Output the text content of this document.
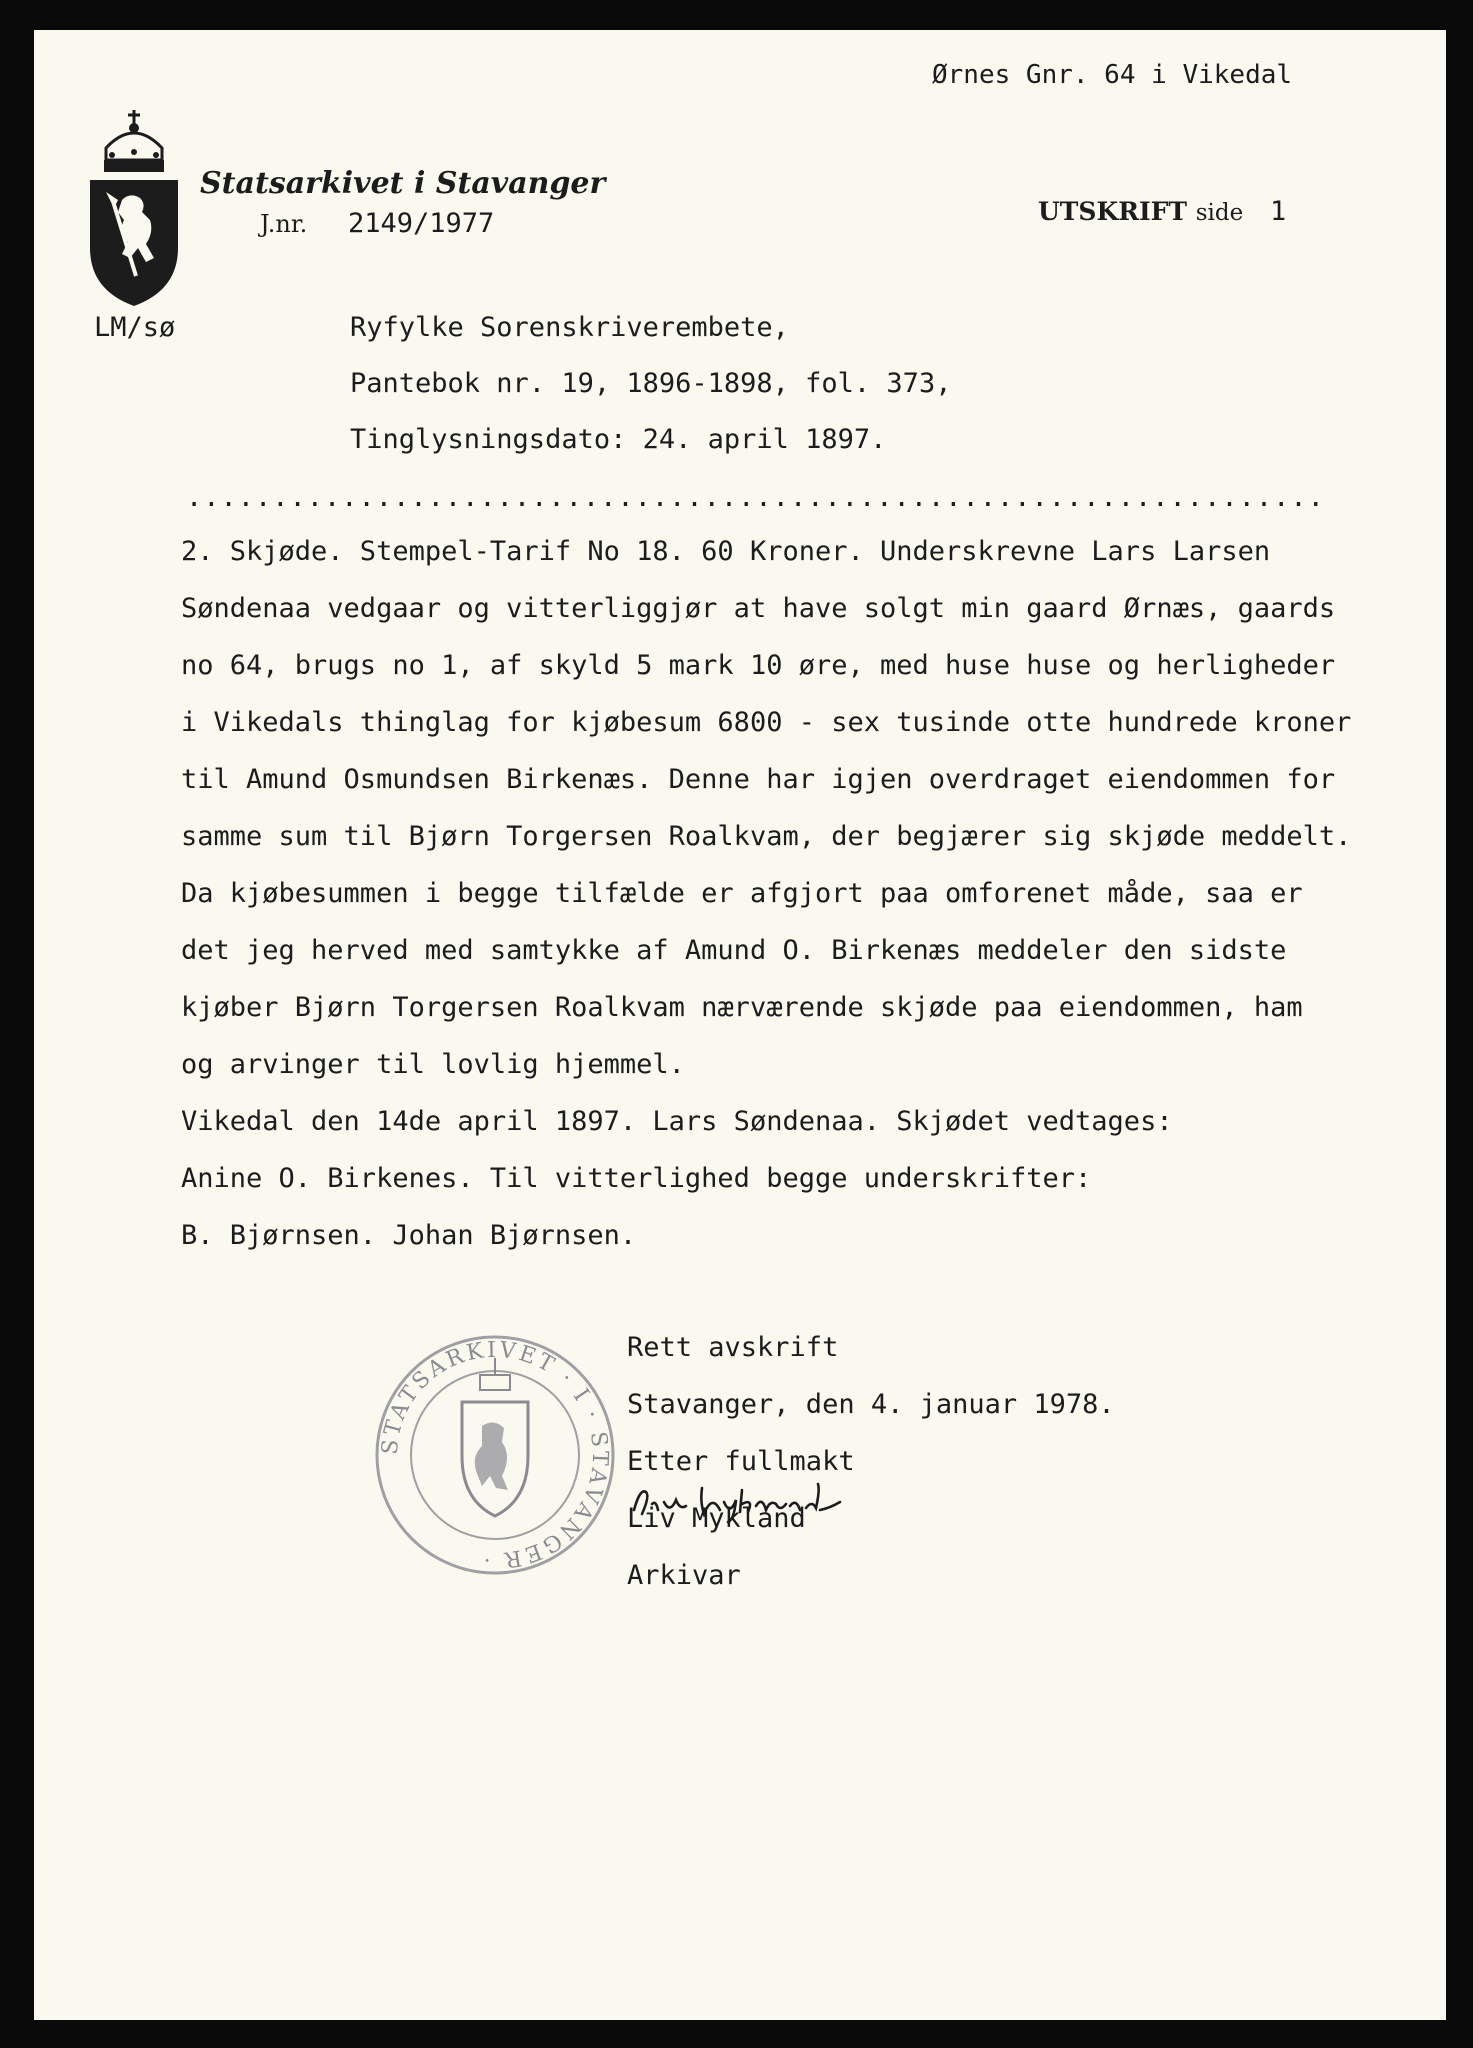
Ørnes Gnr. 64 i Vikedal
Statsarkivet i Stavanger
J.nr. 2149/1977	UTSKRIFT side 1
LM/sø	Ryfylke Sorenskriverembete,
Pantebok nr. 19, 1896-1898, fol. 373,
Tinglysningsdato: 24. april 1897.
..................................................................
2. Skjøde. Stempel-Tarif No 18. 60 Kroner. Underskrevne Lars Larsen
Søndenaa vedgaar og vitterliggjør at have solgt min gaard Ørnæs, gaards
no 64, brugs no 1, af skyld 5 mark 10 øre, med huse huse og herligheder
i Vikedals thinglag for kjøbesum 6800 - sex tusinde otte hundrede kroner
til Amund Osmundsen Birkenæs. Denne har igjen overdraget eiendommen for
samme sum til Bjørn Torgersen Roalkvam, der begjærer sig skjøde meddelt.
Da kjøbesummen i begge tilfælde er afgjort paa omforenet måde, saa er
det jeg herved med samtykke af Amund O. Birkenæs meddeler den sidste
kjøber Bjørn Torgersen Roalkvam nærværende skjøde paa eiendommen, ham
og arvinger til lovlig hjemmel.
Vikedal den 14de april 1897. Lars Søndenaa. Skjødet vedtages:
Anine O. Birkenes. Til vitterlighed begge underskrifter:
B. Bjørnsen. Johan Bjørnsen.
STATSARKIVET · I · STAVANGER ·
Rett avskrift
Stavanger, den 4. januar 1978.
Etter fullmakt
Liv Mykland
Arkivar
